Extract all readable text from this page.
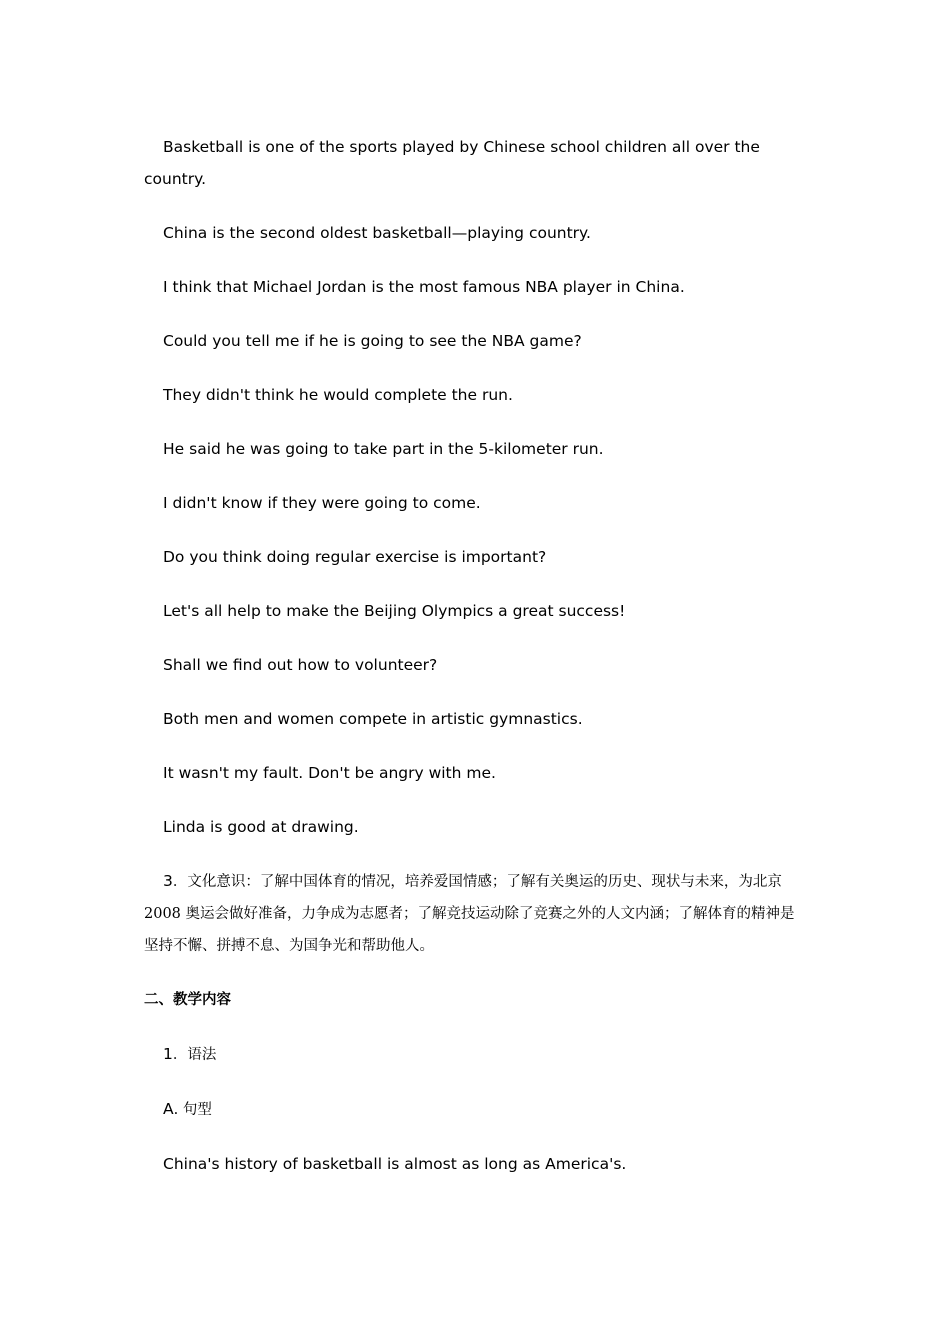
Basketball is one of the sports played by Chinese school children all over the country.

China is the second oldest basketball—playing country.

I think that Michael Jordan is the most famous NBA player in China.

Could you tell me if he is going to see the NBA game?

They didn't think he would complete the run.

He said he was going to take part in the 5-kilometer run.

I didn't know if they were going to come.

Do you think doing regular exercise is important?

Let's all help to make the Beijing Olympics a great success!

Shall we find out how to volunteer?

Both men and women compete in artistic gymnastics.

It wasn't my fault. Don't be angry with me.

Linda is good at drawing.

3．文化意识：了解中国体育的情况，培养爱国情感；了解有关奥运的历史、现状与未来，为北京 2008 奥运会做好准备，力争成为志愿者；了解竞技运动除了竞赛之外的人文内涵；了解体育的精神是坚持不懈、拼搏不息、为国争光和帮助他人。

二、教学内容

1．语法

A. 句型

China's history of basketball is almost as long as America's.
